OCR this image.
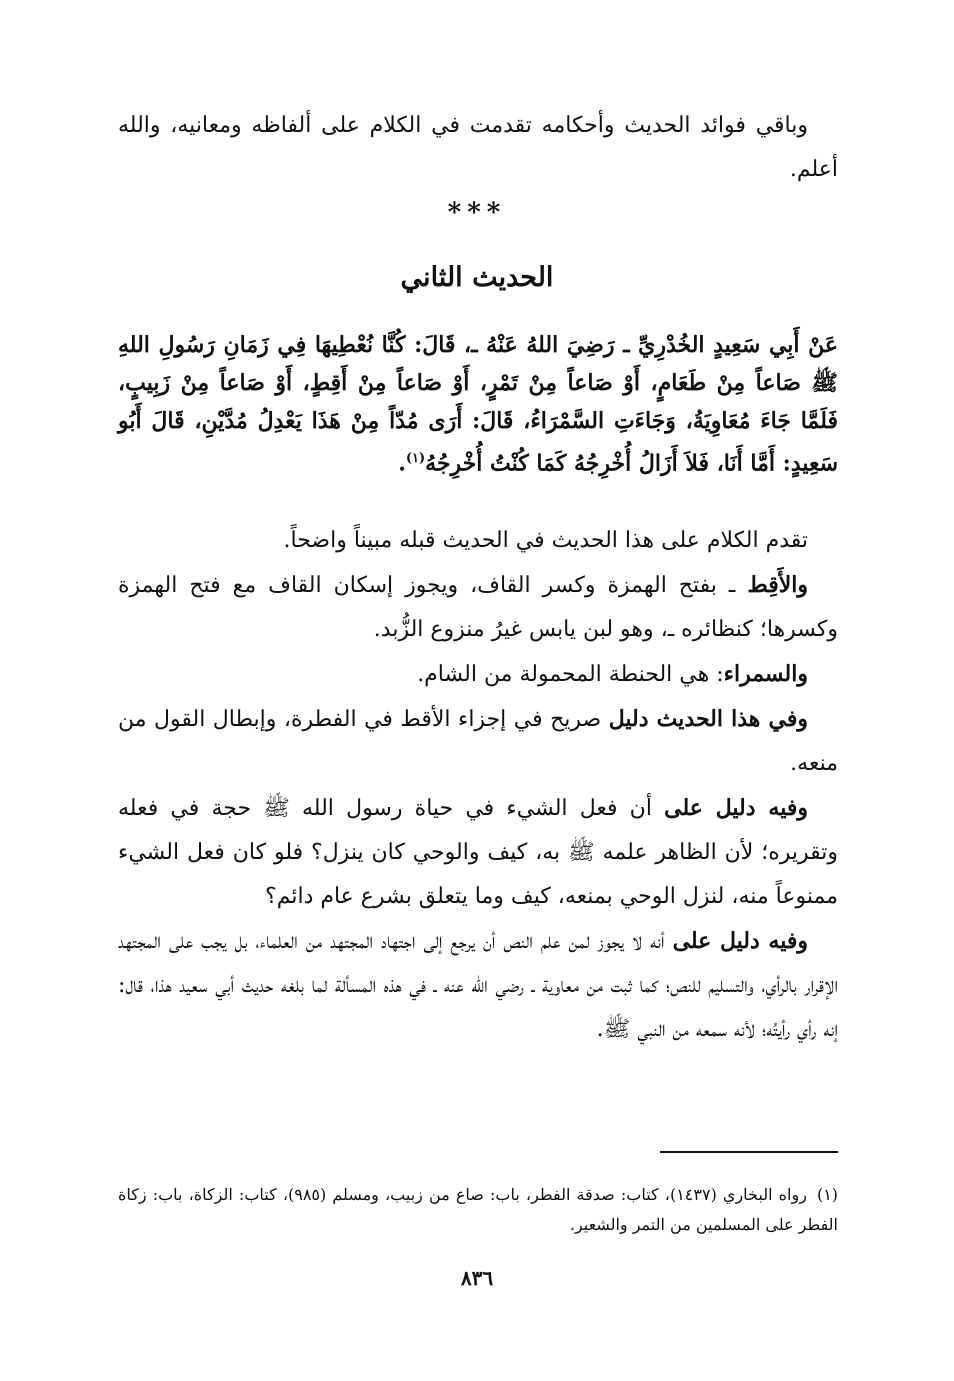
وباقي فوائد الحديث وأحكامه تقدمت في الكلام على ألفاظه ومعانيه، والله أعلم.

***
الحديث الثاني
عَنْ أَبِي سَعِيدٍ الخُدْرِيِّ ـ رَضِيَ اللهُ عَنْهُ ـ، قَالَ: كُنَّا نُعْطِيهَا فِي زَمَانِ رَسُولِ اللهِ ﷺ صَاعاً مِنْ طَعَامٍ، أَوْ صَاعاً مِنْ تَمْرٍ، أَوْ صَاعاً مِنْ أَقِطٍ، أَوْ صَاعاً مِنْ زَبِيبٍ، فَلَمَّا جَاءَ مُعَاوِيَةُ، وَجَاءَتِ السَّمْرَاءُ، قَالَ: أَرَى مُدّاً مِنْ هَذَا يَعْدِلُ مُدَّيْنِ، قَالَ أَبُو سَعِيدٍ: أَمَّا أَنَا، فَلاَ أَزَالُ أُخْرِجُهُ كَمَا كُنْتُ أُخْرِجُهُ$^{(١)}$.

تقدم الكلام على هذا الحديث في الحديث قبله مبيناً واضحاً.

والأَقِط ـ بفتح الهمزة وكسر القاف، ويجوز إسكان القاف مع فتح الهمزة وكسرها؛ كنظائره ـ، وهو لبن يابس غيرُ منزوع الزُّبد.

والسمراء: هي الحنطة المحمولة من الشام.

وفي هذا الحديث دليل صريح في إجزاء الأقط في الفطرة، وإبطال القول من منعه.

وفيه دليل على أن فعل الشيء في حياة رسول الله ﷺ حجة في فعله وتقريره؛ لأن الظاهر علمه ﷺ به، كيف والوحي كان ينزل؟ فلو كان فعل الشيء ممنوعاً منه، لنزل الوحي بمنعه، كيف وما يتعلق بشرع عام دائم؟

وفيه دليل على أنه لا يجوز لمن علم النص أن يرجع إلى اجتهاد المجتهد من العلماء، بل يجب على المجتهد الإقرار بالرأي، والتسليم للنص؛ كما ثبت من معاوية ـ رضي الله عنه ـ في هذه المسألة لما بلغه حديث أبي سعيد هذا، قال: إنه رأي رأيتُه؛ لأنه سمعه من النبي ﷺ.

(١)رواه البخاري (١٤٣٧)، كتاب: صدقة الفطر، باب: صاع من زبيب، ومسلم (٩٨٥)، كتاب: الزكاة، باب: زكاة الفطر على المسلمين من التمر والشعير.
٨٣٦
